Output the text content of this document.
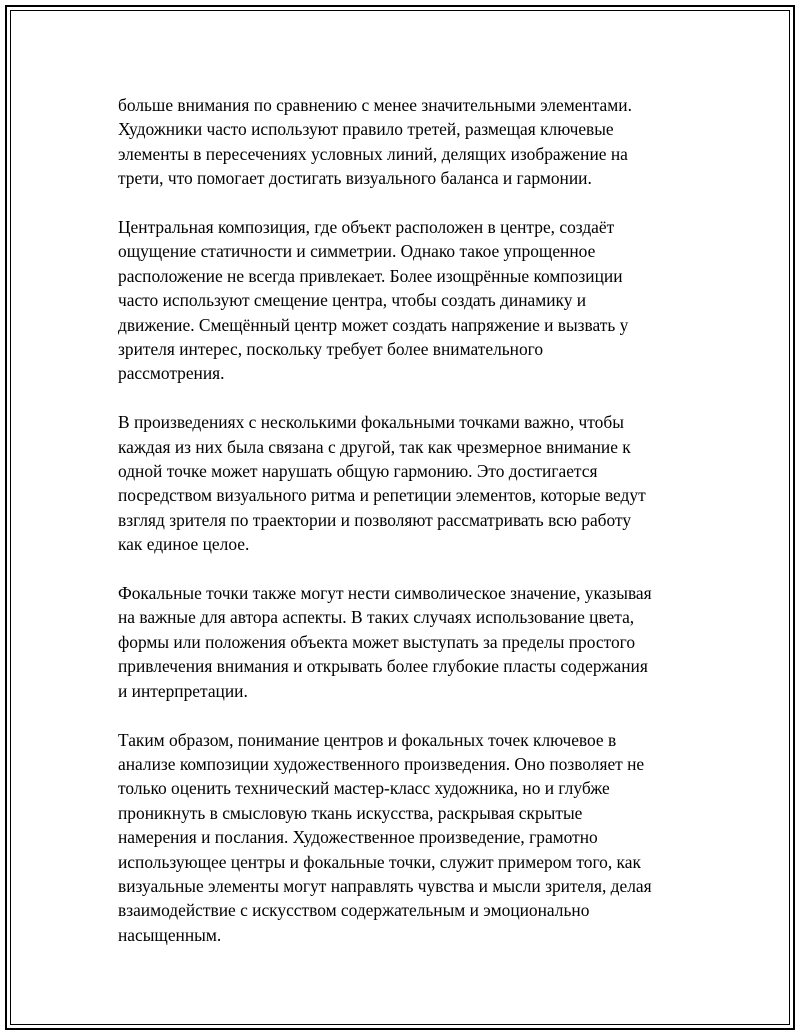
больше внимания по сравнению с менее значительными элементами.
Художники часто используют правило третей, размещая ключевые
элементы в пересечениях условных линий, делящих изображение на
трети, что помогает достигать визуального баланса и гармонии.

Центральная композиция, где объект расположен в центре, создаёт
ощущение статичности и симметрии. Однако такое упрощенное
расположение не всегда привлекает. Более изощрённые композиции
часто используют смещение центра, чтобы создать динамику и
движение. Смещённый центр может создать напряжение и вызвать у
зрителя интерес, поскольку требует более внимательного
рассмотрения.

В произведениях с несколькими фокальными точками важно, чтобы
каждая из них была связана с другой, так как чрезмерное внимание к
одной точке может нарушать общую гармонию. Это достигается
посредством визуального ритма и репетиции элементов, которые ведут
взгляд зрителя по траектории и позволяют рассматривать всю работу
как единое целое.

Фокальные точки также могут нести символическое значение, указывая
на важные для автора аспекты. В таких случаях использование цвета,
формы или положения объекта может выступать за пределы простого
привлечения внимания и открывать более глубокие пласты содержания
и интерпретации.

Таким образом, понимание центров и фокальных точек ключевое в
анализе композиции художественного произведения. Оно позволяет не
только оценить технический мастер-класс художника, но и глубже
проникнуть в смысловую ткань искусства, раскрывая скрытые
намерения и послания. Художественное произведение, грамотно
использующее центры и фокальные точки, служит примером того, как
визуальные элементы могут направлять чувства и мысли зрителя, делая
взаимодействие с искусством содержательным и эмоционально
насыщенным.
